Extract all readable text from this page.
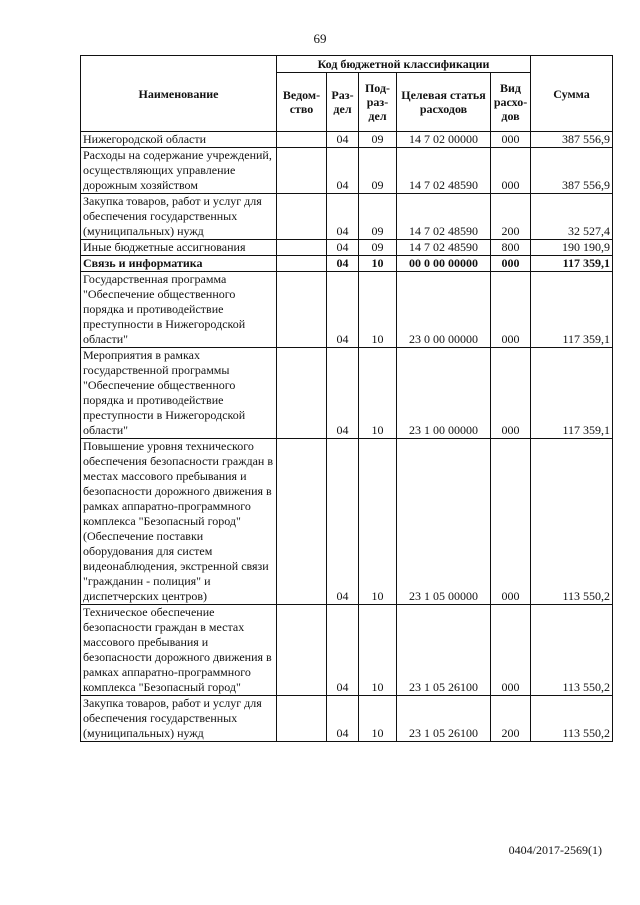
69
Наименование	Код бюджетной классификации					Сумма
	Ведом-ство	Раз-дел	Под-раз-дел	Целевая статья расходов	Вид расхо-дов	
Нижегородской области		04	09	14 7 02 00000	000	387 556,9
Расходы на содержание учреждений, осуществляющих управление дорожным хозяйством		04	09	14 7 02 48590	000	387 556,9
Закупка товаров, работ и услуг для обеспечения государственных (муниципальных) нужд		04	09	14 7 02 48590	200	32 527,4
Иные бюджетные ассигнования		04	09	14 7 02 48590	800	190 190,9
Связь и информатика		04	10	00 0 00 00000	000	117 359,1
Государственная программа "Обеспечение общественного порядка и противодействие преступности в Нижегородской области"		04	10	23 0 00 00000	000	117 359,1
Мероприятия в рамках государственной программы "Обеспечение общественного порядка и противодействие преступности в Нижегородской области"		04	10	23 1 00 00000	000	117 359,1
Повышение уровня технического обеспечения безопасности граждан в местах массового пребывания и безопасности дорожного движения в рамках аппаратно-программного комплекса "Безопасный город" (Обеспечение поставки оборудования для систем видеонаблюдения, экстренной связи "гражданин - полиция" и диспетчерских центров)		04	10	23 1 05 00000	000	113 550,2
Техническое обеспечение безопасности граждан в местах массового пребывания и безопасности дорожного движения в рамках аппаратно-программного комплекса "Безопасный город"		04	10	23 1 05 26100	000	113 550,2
Закупка товаров, работ и услуг для обеспечения государственных (муниципальных) нужд		04	10	23 1 05 26100	200	113 550,2
0404/2017-2569(1)
